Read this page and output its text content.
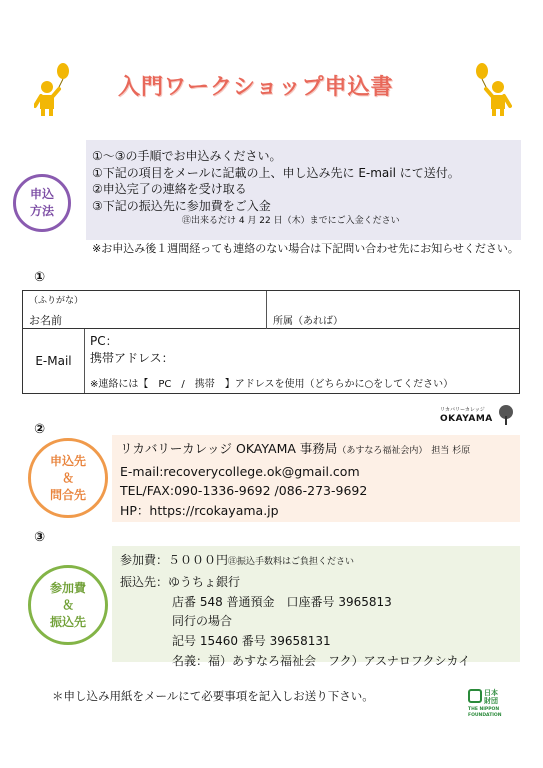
入門ワークショップ申込書
①～③の手順でお申込みください。
①下記の項目をメールに記載の上、申し込み先に E-mail にて送付。
②申込完了の連絡を受け取る
③下記の振込先に参加費をご入金
㊟出来るだけ 4 月 22 日（木）までにご入金ください
申込
方法
※お申込み後１週間経っても連絡のない場合は下記問い合わせ先にお知らせください。
①
（ふりがな）
お名前	所属（あれば）
E-Mail
PC：
携帯アドレス：
※連絡には【　PC　/　携帯　】アドレスを使用（どちらかに○をしてください）
リカバリーカレッジ
OKAYAMA
②
リカバリーカレッジ OKAYAMA 事務局（あすなろ福祉会内） 担当 杉原
E-mail:recoverycollege.ok@gmail.com
TEL/FAX:090-1336-9692 /086-273-9692
HP：https://rcokayama.jp
申込先
＆
問合先
③
参加費：５０００円㊟振込手数料はご負担ください
振込先：ゆうちょ銀行
店番 548 普通預金　口座番号 3965813
同行の場合
記号 15460 番号 39658131
名義：福）あすなろ福祉会　フク）アスナロフクシカイ
参加費
＆
振込先
＊申し込み用紙をメールにて必要事項を記入しお送り下さい。	日本
財団
THE NIPPON
FOUNDATION
